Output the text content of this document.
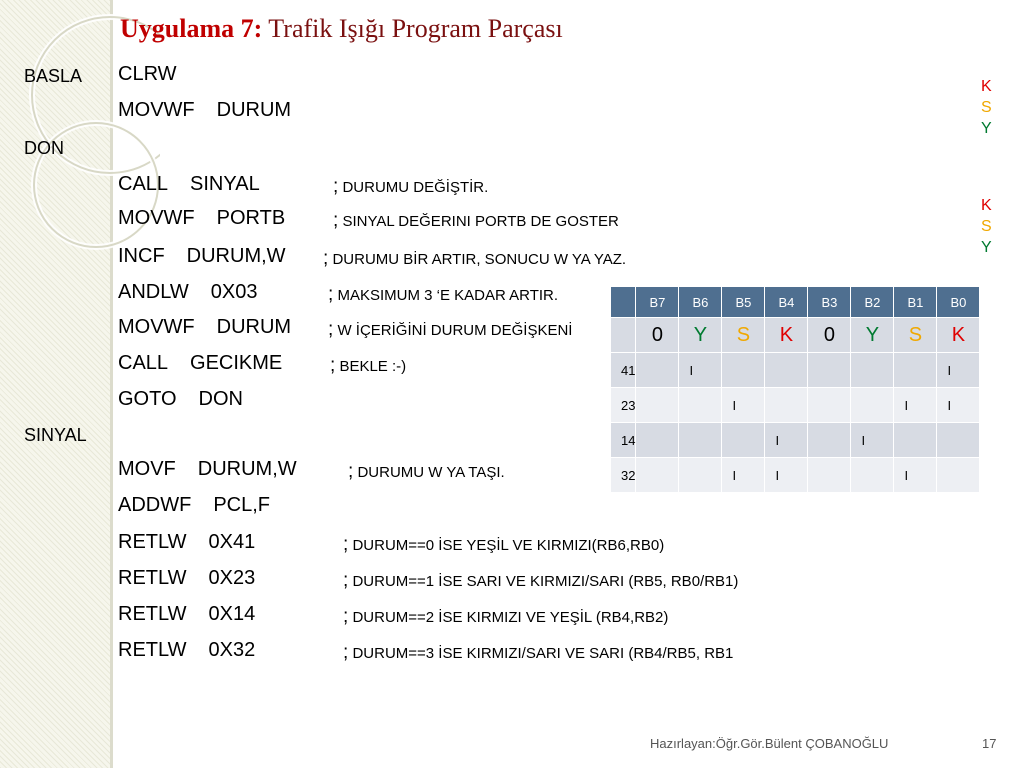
Uygulama 7: Trafik Işığı Program Parçası
BASLA
DON
SINYAL
CLRW
MOVWF DURUM
CALL SINYAL	; DURUMU DEĞİŞTİR.
MOVWF PORTB	; SINYAL DEĞERINI PORTB DE GOSTER
INCF DURUM,W ; DURUMU BİR ARTIR, SONUCU W YA YAZ.
ANDLW 0X03	; MAKSIMUM 3 ‘E KADAR ARTIR.
MOVWF DURUM ; W İÇERİĞİNİ DURUM DEĞİŞKENİ
CALL GECIKME	; BEKLE :-)
GOTO DON
MOVF DURUM,W	; DURUMU W YA TAŞI.
ADDWF PCL,F
RETLW 0X41	; DURUM==0 İSE YEŞİL VE KIRMIZI(RB6,RB0)
RETLW 0X23	; DURUM==1 İSE SARI VE KIRMIZI/SARI (RB5, RB0/RB1)
RETLW 0X14	; DURUM==2 İSE KIRMIZI VE YEŞİL (RB4,RB2)
RETLW 0X32	; DURUM==3 İSE KIRMIZI/SARI VE SARI (RB4/RB5, RB1
K
S
Y
K
S
Y
	B7	B6	B5	B4	B3	B2	B1	B0
	0	Y	S	K	0	Y	S	K
41		I						I
23			I				I	I
14				I		I		
32			I	I			I	
Hazırlayan:Öğr.Gör.Bülent ÇOBANOĞLU	17
